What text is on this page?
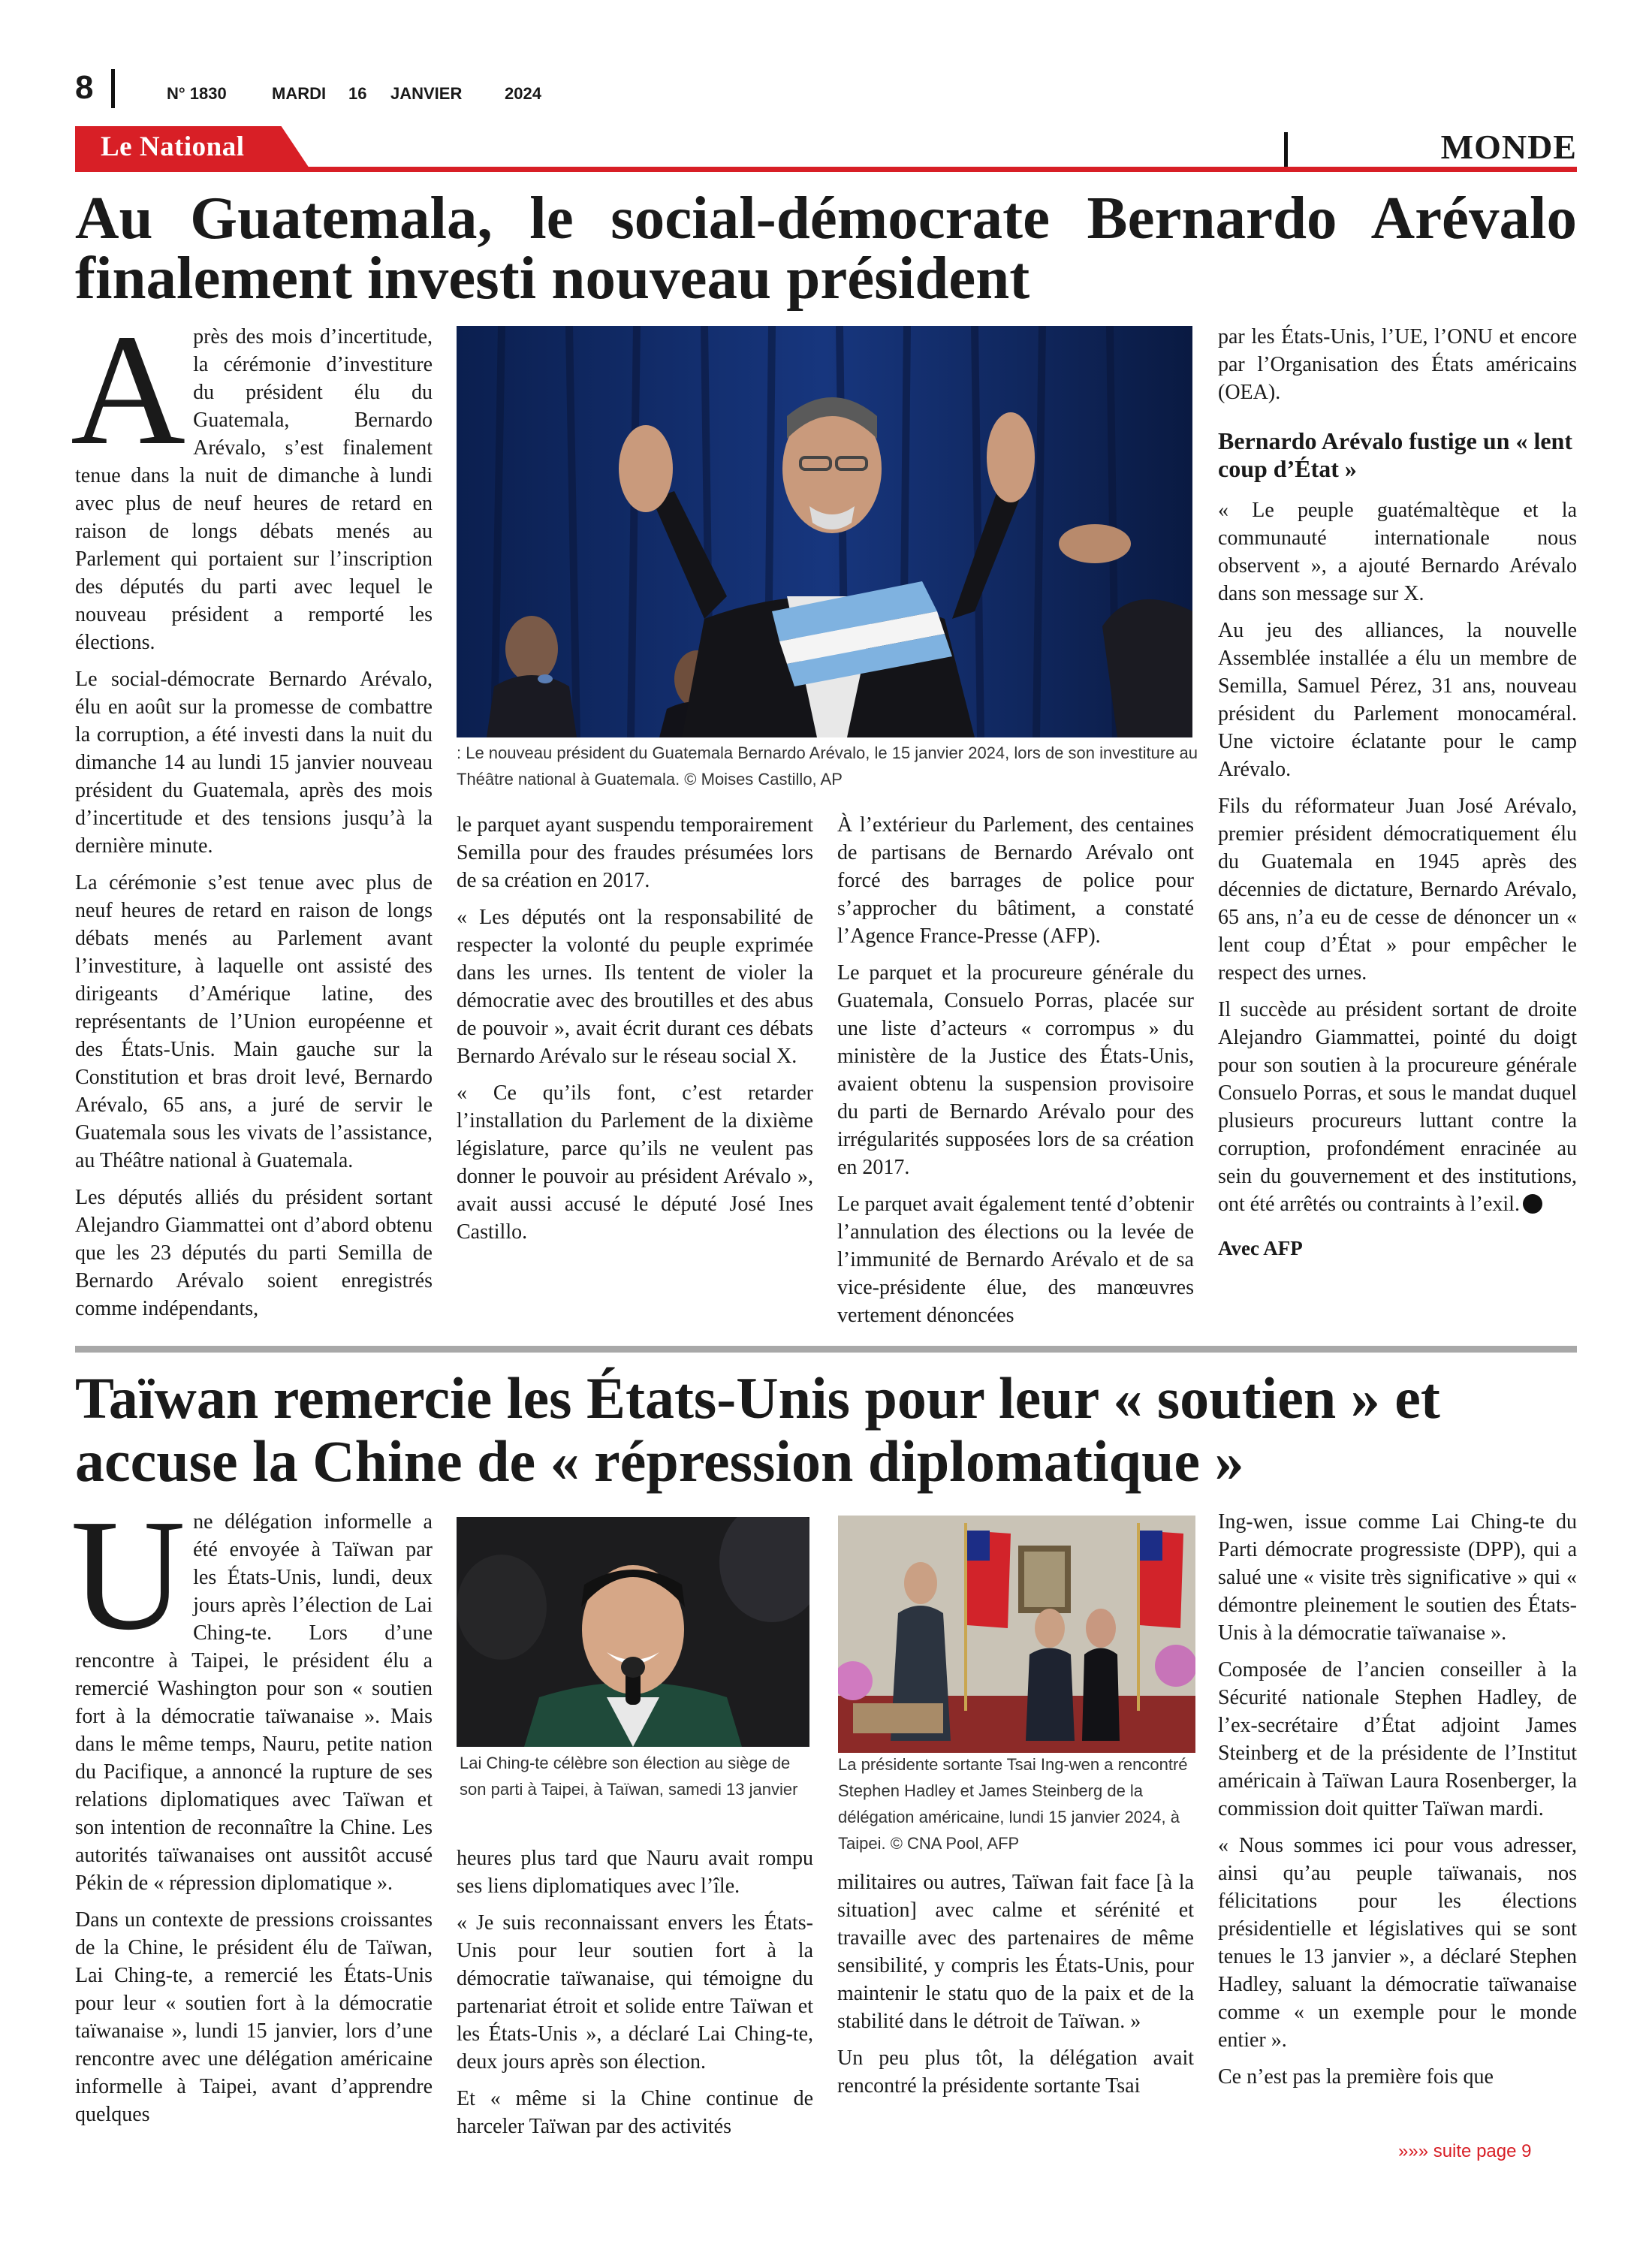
8	N° 1830	MARDI 16 JANVIER	2024
Le National	MONDE
Au Guatemala, le social-démocrate Bernardo Arévalo
finalement investi nouveau président
A près des mois d’incertitude, la cérémonie d’investiture du président élu du Guatemala, Bernardo Arévalo, s’est finalement tenue dans la nuit de dimanche à lundi avec plus de neuf heures de retard en raison de longs débats menés au Parlement qui portaient sur l’inscription des députés du parti avec lequel le nouveau président a remporté les élections.

Le social-démocrate Bernardo Arévalo, élu en août sur la promesse de combattre la corruption, a été investi dans la nuit du dimanche 14 au lundi 15 janvier nouveau président du Guatemala, après des mois d’incertitude et des tensions jusqu’à la dernière minute.

La cérémonie s’est tenue avec plus de neuf heures de retard en raison de longs débats menés au Parlement avant l’investiture, à laquelle ont assisté des dirigeants d’Amérique latine, des représentants de l’Union européenne et des États-Unis. Main gauche sur la Constitution et bras droit levé, Bernardo Arévalo, 65 ans, a juré de servir le Guatemala sous les vivats de l’assistance, au Théâtre national à Guatemala.

Les députés alliés du président sortant Alejandro Giammattei ont d’abord obtenu que les 23 députés du parti Semilla de Bernardo Arévalo soient enregistrés comme indépendants,

: Le nouveau président du Guatemala Bernardo Arévalo, le 15 janvier 2024, lors de son investiture au Théâtre national à Guatemala. © Moises Castillo, AP

le parquet ayant suspendu temporairement Semilla pour des fraudes présumées lors de sa création en 2017.

« Les députés ont la responsabilité de respecter la volonté du peuple exprimée dans les urnes. Ils tentent de violer la démocratie avec des broutilles et des abus de pouvoir », avait écrit durant ces débats Bernardo Arévalo sur le réseau social X.

« Ce qu’ils font, c’est retarder l’installation du Parlement de la dixième législature, parce qu’ils ne veulent pas donner le pouvoir au président Arévalo », avait aussi accusé le député José Ines Castillo.

À l’extérieur du Parlement, des centaines de partisans de Bernardo Arévalo ont forcé des barrages de police pour s’approcher du bâtiment, a constaté l’Agence France-Presse (AFP).

Le parquet et la procureure générale du Guatemala, Consuelo Porras, placée sur une liste d’acteurs « corrompus » du ministère de la Justice des États-Unis, avaient obtenu la suspension provisoire du parti de Bernardo Arévalo pour des irrégularités supposées lors de sa création en 2017.

Le parquet avait également tenté d’obtenir l’annulation des élections ou la levée de l’immunité de Bernardo Arévalo et de sa vice-présidente élue, des manœuvres vertement dénoncées

par les États-Unis, l’UE, l’ONU et encore par l’Organisation des États américains (OEA).

Bernardo Arévalo fustige un « lent coup d’État »

« Le peuple guatémaltèque et la communauté internationale nous observent », a ajouté Bernardo Arévalo dans son message sur X.

Au jeu des alliances, la nouvelle Assemblée installée a élu un membre de Semilla, Samuel Pérez, 31 ans, nouveau président du Parlement monocaméral. Une victoire éclatante pour le camp Arévalo.

Fils du réformateur Juan José Arévalo, premier président démocratiquement élu du Guatemala en 1945 après des décennies de dictature, Bernardo Arévalo, 65 ans, n’a eu de cesse de dénoncer un « lent coup d’État » pour empêcher le respect des urnes.

Il succède au président sortant de droite Alejandro Giammattei, pointé du doigt pour son soutien à la procureure générale Consuelo Porras, et sous le mandat duquel plusieurs procureurs luttant contre la corruption, profondément enracinée au sein du gouvernement et des institutions, ont été arrêtés ou contraints à l’exil.

Avec AFP
Taïwan remercie les États-Unis pour leur « soutien » et
accuse la Chine de « répression diplomatique »
U ne délégation informelle a été envoyée à Taïwan par les États-Unis, lundi, deux jours après l’élection de Lai Ching-te. Lors d’une rencontre à Taipei, le président élu a remercié Washington pour son « soutien fort à la démocratie taïwanaise ». Mais dans le même temps, Nauru, petite nation du Pacifique, a annoncé la rupture de ses relations diplomatiques avec Taïwan et son intention de reconnaître la Chine. Les autorités taïwanaises ont aussitôt accusé Pékin de « répression diplomatique ».

Dans un contexte de pressions croissantes de la Chine, le président élu de Taïwan, Lai Ching-te, a remercié les États-Unis pour leur « soutien fort à la démocratie taïwanaise », lundi 15 janvier, lors d’une rencontre avec une délégation américaine informelle à Taipei, avant d’apprendre quelques

Lai Ching-te célèbre son élection au siège de son parti à Taipei, à Taïwan, samedi 13 janvier

heures plus tard que Nauru avait rompu ses liens diplomatiques avec l’île.

« Je suis reconnaissant envers les États-Unis pour leur soutien fort à la démocratie taïwanaise, qui témoigne du partenariat étroit et solide entre Taïwan et les États-Unis », a déclaré Lai Ching-te, deux jours après son élection.

Et « même si la Chine continue de harceler Taïwan par des activités

La présidente sortante Tsai Ing-wen a rencontré Stephen Hadley et James Steinberg de la délégation américaine, lundi 15 janvier 2024, à Taipei. © CNA Pool, AFP

militaires ou autres, Taïwan fait face [à la situation] avec calme et sérénité et travaille avec des partenaires de même sensibilité, y compris les États-Unis, pour maintenir le statu quo de la paix et de la stabilité dans le détroit de Taïwan. »

Un peu plus tôt, la délégation avait rencontré la présidente sortante Tsai

Ing-wen, issue comme Lai Ching-te du Parti démocrate progressiste (DPP), qui a salué une « visite très significative » qui « démontre pleinement le soutien des États-Unis à la démocratie taïwanaise ».

Composée de l’ancien conseiller à la Sécurité nationale Stephen Hadley, de l’ex-secrétaire d’État adjoint James Steinberg et de la présidente de l’Institut américain à Taïwan Laura Rosenberger, la commission doit quitter Taïwan mardi.

« Nous sommes ici pour vous adresser, ainsi qu’au peuple taïwanais, nos félicitations pour les élections présidentielle et législatives qui se sont tenues le 13 janvier », a déclaré Stephen Hadley, saluant la démocratie taïwanaise comme « un exemple pour le monde entier ».

Ce n’est pas la première fois que

»»» suite page 9
